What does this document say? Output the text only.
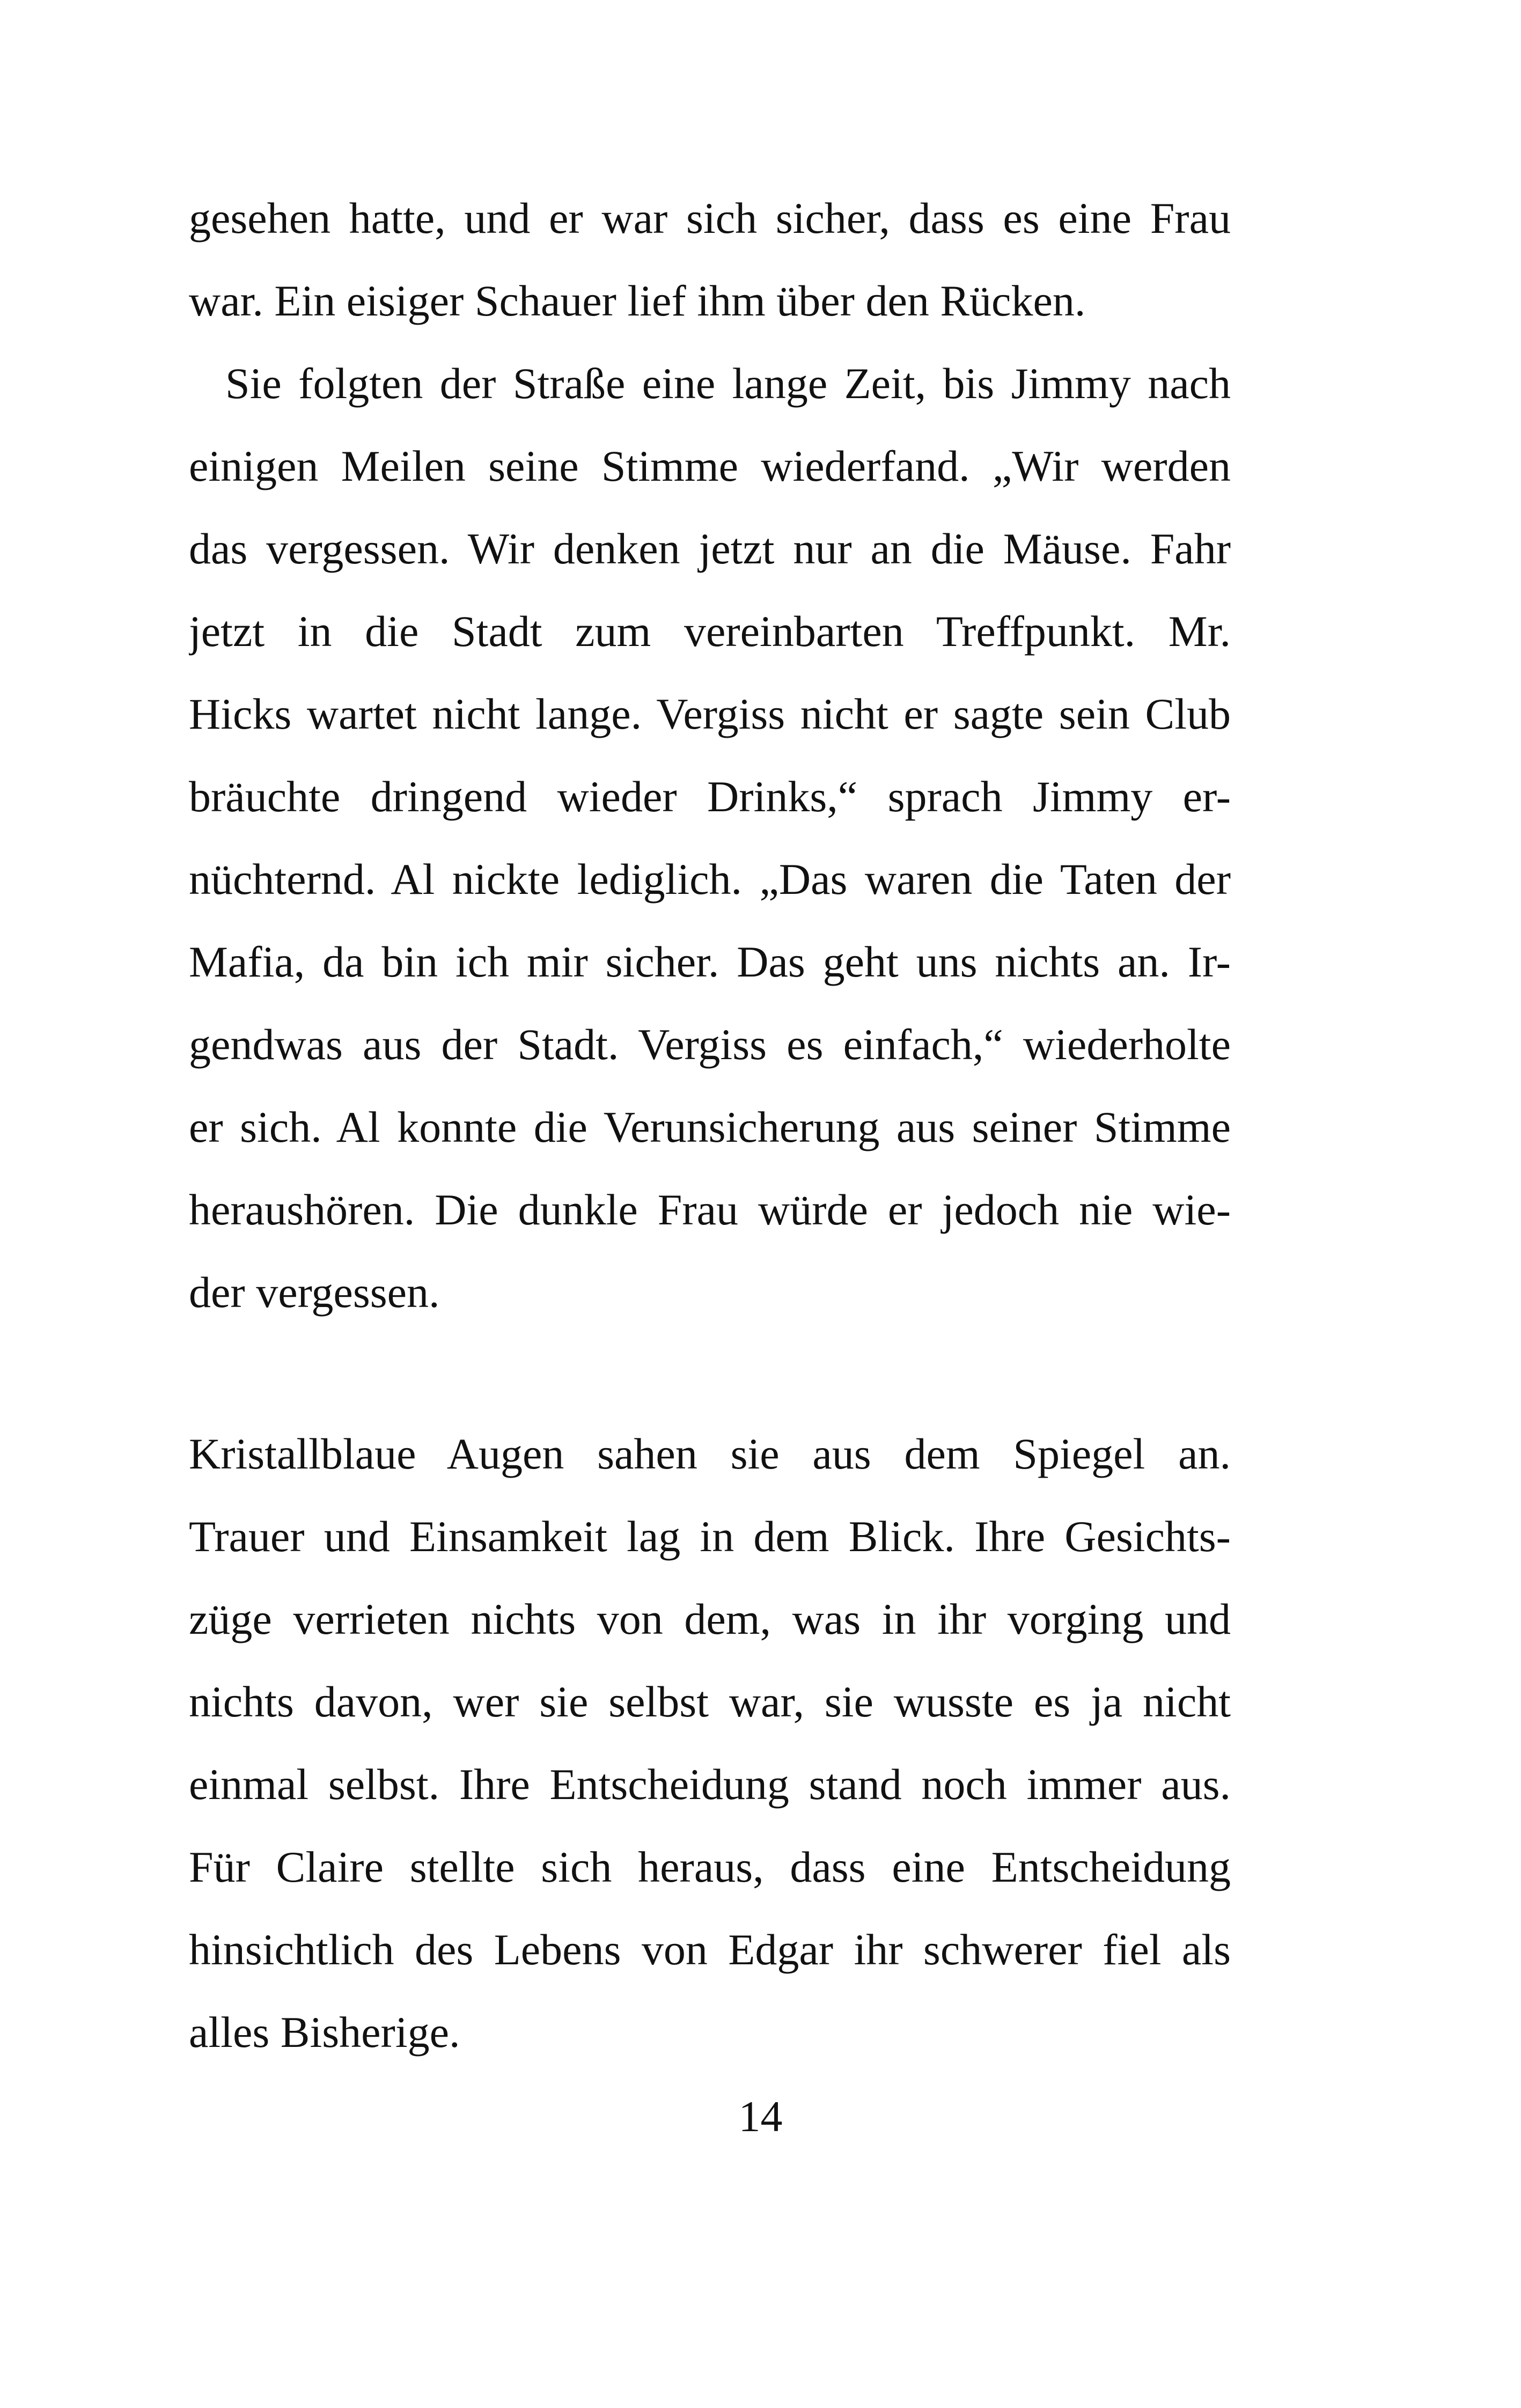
gesehen hatte, und er war sich sicher, dass es eine Frau
war. Ein eisiger Schauer lief ihm über den Rücken.
Sie folgten der Straße eine lange Zeit, bis Jimmy nach
einigen Meilen seine Stimme wiederfand. „Wir werden
das vergessen. Wir denken jetzt nur an die Mäuse. Fahr
jetzt in die Stadt zum vereinbarten Treffpunkt. Mr.
Hicks wartet nicht lange. Vergiss nicht er sagte sein Club
bräuchte dringend wieder Drinks,“ sprach Jimmy er-
nüchternd. Al nickte lediglich. „Das waren die Taten der
Mafia, da bin ich mir sicher. Das geht uns nichts an. Ir-
gendwas aus der Stadt. Vergiss es einfach,“ wiederholte
er sich. Al konnte die Verunsicherung aus seiner Stimme
heraushören. Die dunkle Frau würde er jedoch nie wie-
der vergessen.
Kristallblaue Augen sahen sie aus dem Spiegel an.
Trauer und Einsamkeit lag in dem Blick. Ihre Gesichts-
züge verrieten nichts von dem, was in ihr vorging und
nichts davon, wer sie selbst war, sie wusste es ja nicht
einmal selbst. Ihre Entscheidung stand noch immer aus.
Für Claire stellte sich heraus, dass eine Entscheidung
hinsichtlich des Lebens von Edgar ihr schwerer fiel als
alles Bisherige.
14
